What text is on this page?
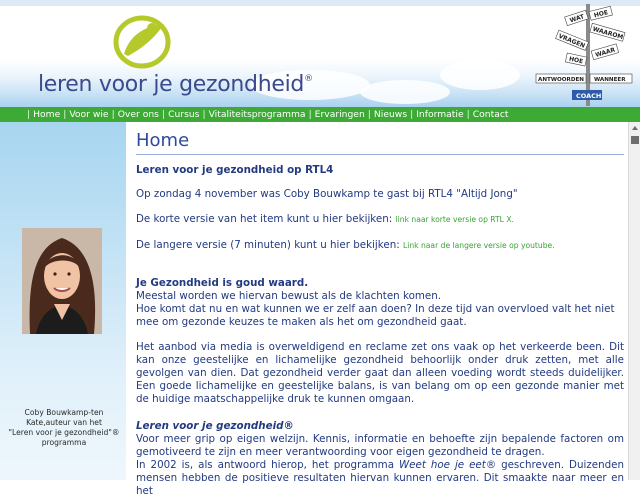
leren voor je gezondheid®
WAT HOE
WAAROM
VRAGEN
WAAR
HOE
ANTWOORDEN WANNEER
COACH
| Home | Voor wie | Over ons | Cursus | Vitaliteitsprogramma | Ervaringen | Nieuws | Informatie | Contact
Coby Bouwkamp-ten
Kate,auteur van het
"Leren voor je gezondheid"®
programma
Home
Leren voor je gezondheid op RTL4
Op zondag 4 november was Coby Bouwkamp te gast bij RTL4 "Altijd Jong"
De korte versie van het item kunt u hier bekijken: link naar korte versie op RTL X.
De langere versie (7 minuten) kunt u hier bekijken: Link naar de langere versie op youtube.
Je Gezondheid is goud waard.
Meestal worden we hiervan bewust als de klachten komen.
Hoe komt dat nu en wat kunnen we er zelf aan doen? In deze tijd van overvloed valt het niet mee om gezonde keuzes te maken als het om gezondheid gaat.
Het aanbod via media is overweldigend en reclame zet ons vaak op het verkeerde been. Dit kan onze geestelijke en lichamelijke gezondheid behoorlijk onder druk zetten, met alle gevolgen van dien. Dat gezondheid verder gaat dan alleen voeding wordt steeds duidelijker. Een goede lichamelijke en geestelijke balans, is van belang om op een gezonde manier met de huidige maatschappelijke druk te kunnen omgaan.
Leren voor je gezondheid®
Voor meer grip op eigen welzijn. Kennis, informatie en behoefte zijn bepalende factoren om gemotiveerd te zijn en meer verantwoording voor eigen gezondheid te dragen.
In 2002 is, als antwoord hierop, het programma Weet hoe je eet® geschreven. Duizenden mensen hebben de positieve resultaten hiervan kunnen ervaren. Dit smaakte naar meer en het
